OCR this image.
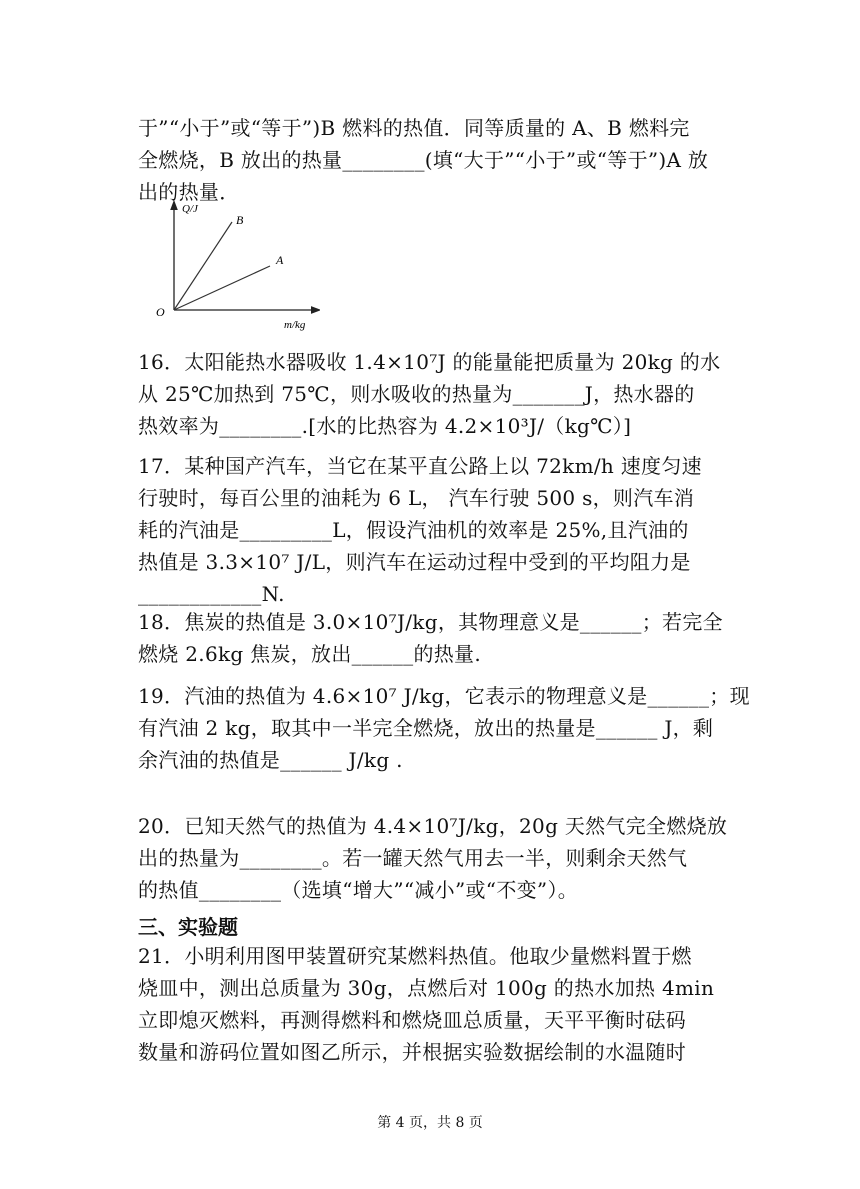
于”“小于”或“等于”)B 燃料的热值．同等质量的 A、B 燃料完
全燃烧，B 放出的热量________(填“大于”“小于”或“等于”)A 放
出的热量．
Q/J
m/kg
O
B
A
16．太阳能热水器吸收 1.4×10⁷J 的能量能把质量为 20kg 的水
从 25℃加热到 75℃，则水吸收的热量为_______J，热水器的
热效率为________.[水的比热容为 4.2×10³J/（kg℃）]
17．某种国产汽车，当它在某平直公路上以 72km/h 速度匀速
行驶时，每百公里的油耗为 6 L， 汽车行驶 500 s，则汽车消
耗的汽油是_________L，假设汽油机的效率是 25%,且汽油的
热值是 3.3×10⁷ J/L，则汽车在运动过程中受到的平均阻力是
____________N.
18．焦炭的热值是 3.0×10⁷J/kg，其物理意义是______；若完全
燃烧 2.6kg 焦炭，放出______的热量.
19．汽油的热值为 4.6×10⁷ J/kg，它表示的物理意义是______；现
有汽油 2 kg，取其中一半完全燃烧，放出的热量是______ J，剩
余汽油的热值是______ J/kg .
20．已知天然气的热值为 4.4×10⁷J/kg，20g 天然气完全燃烧放
出的热量为________。若一罐天然气用去一半，则剩余天然气
的热值________（选填“增大”“减小”或“不变”）。
三、实验题
21．小明利用图甲装置研究某燃料热值。他取少量燃料置于燃
烧皿中，测出总质量为 30g，点燃后对 100g 的热水加热 4min
立即熄灭燃料，再测得燃料和燃烧皿总质量，天平平衡时砝码
数量和游码位置如图乙所示，并根据实验数据绘制的水温随时
第 4 页，共 8 页
